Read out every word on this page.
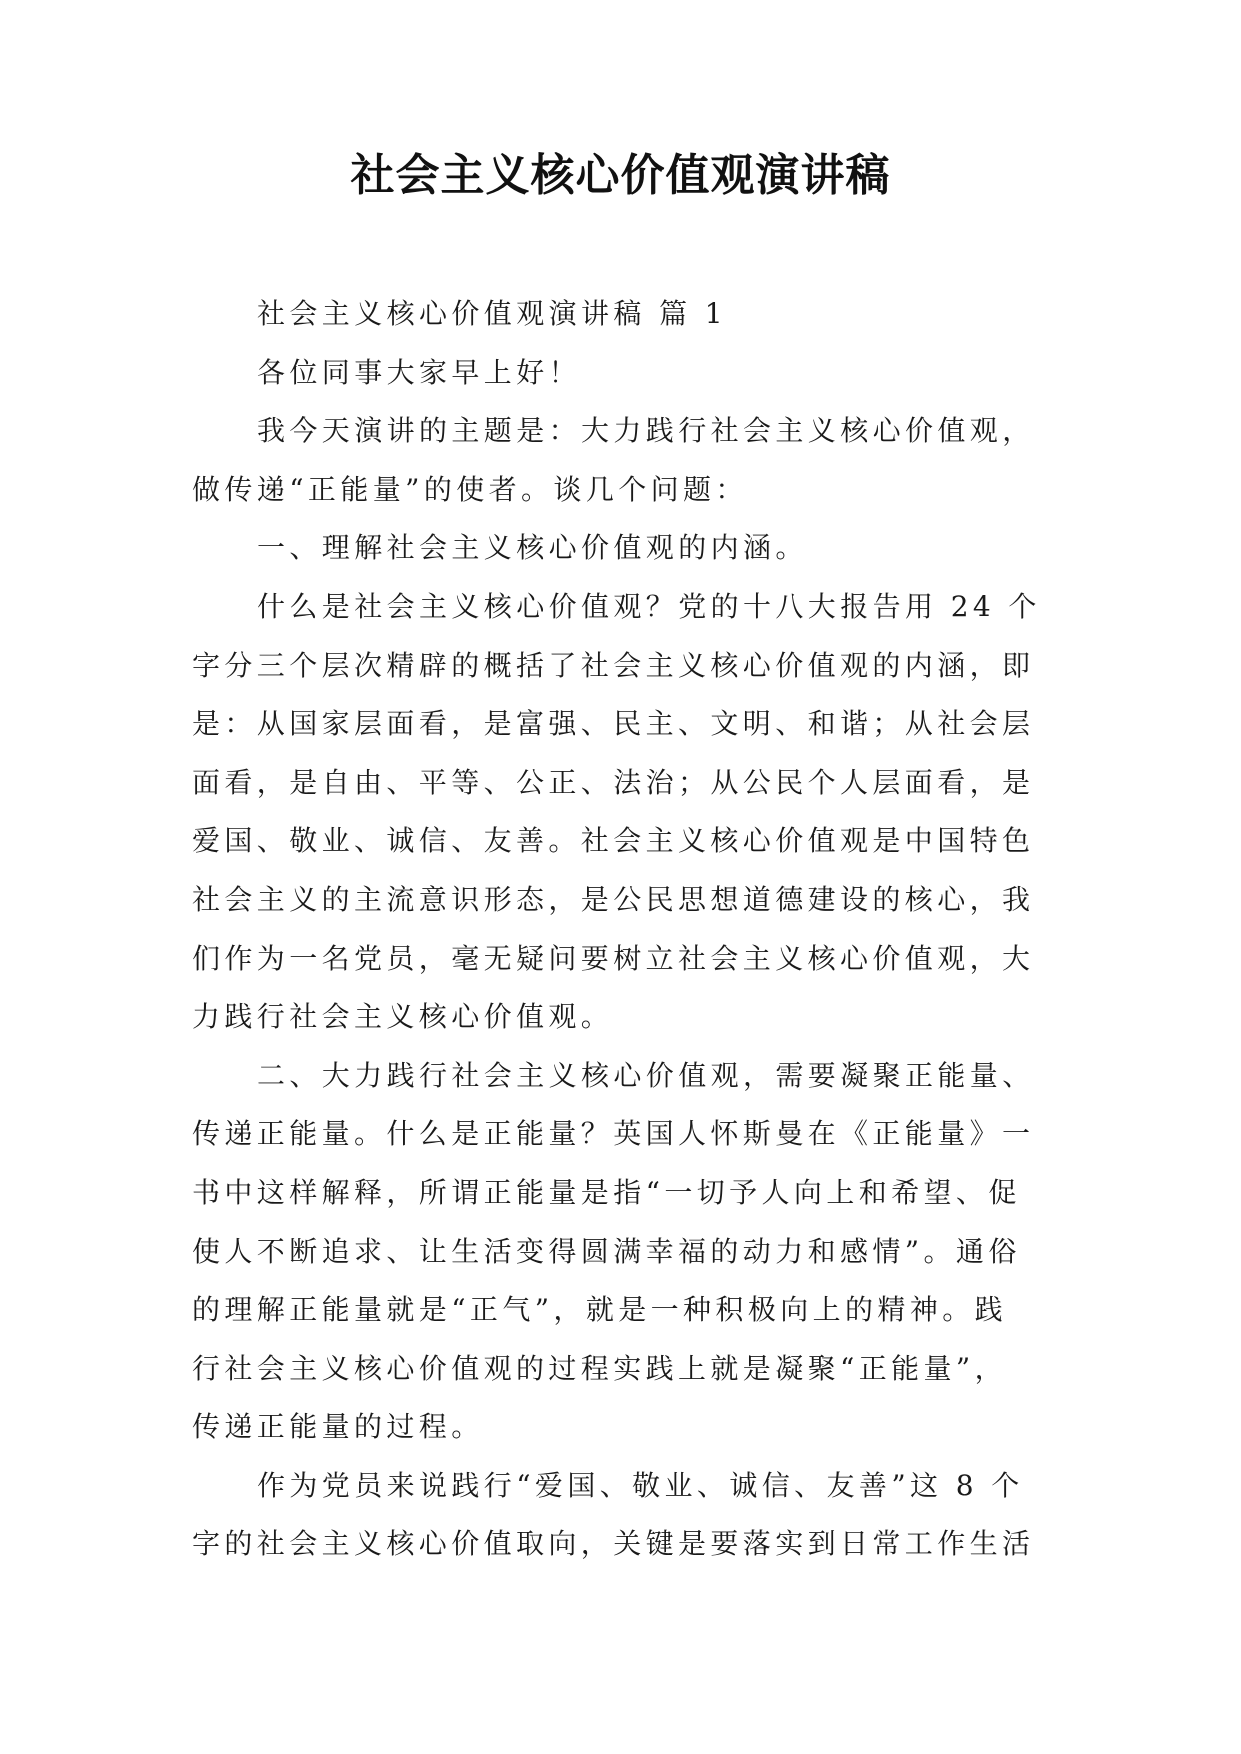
社会主义核心价值观演讲稿
社会主义核心价值观演讲稿 篇 1
各位同事大家早上好！
我今天演讲的主题是：大力践行社会主义核心价值观，
做传递“正能量”的使者。谈几个问题：
一、理解社会主义核心价值观的内涵。
什么是社会主义核心价值观？党的十八大报告用 24 个
字分三个层次精辟的概括了社会主义核心价值观的内涵，即
是：从国家层面看，是富强、民主、文明、和谐；从社会层
面看，是自由、平等、公正、法治；从公民个人层面看，是
爱国、敬业、诚信、友善。社会主义核心价值观是中国特色
社会主义的主流意识形态，是公民思想道德建设的核心，我
们作为一名党员，毫无疑问要树立社会主义核心价值观，大
力践行社会主义核心价值观。
二、大力践行社会主义核心价值观，需要凝聚正能量、
传递正能量。什么是正能量？英国人怀斯曼在《正能量》一
书中这样解释，所谓正能量是指“一切予人向上和希望、促
使人不断追求、让生活变得圆满幸福的动力和感情”。通俗
的理解正能量就是“正气”，就是一种积极向上的精神。践
行社会主义核心价值观的过程实践上就是凝聚“正能量”，
传递正能量的过程。
作为党员来说践行“爱国、敬业、诚信、友善”这 8 个
字的社会主义核心价值取向，关键是要落实到日常工作生活
